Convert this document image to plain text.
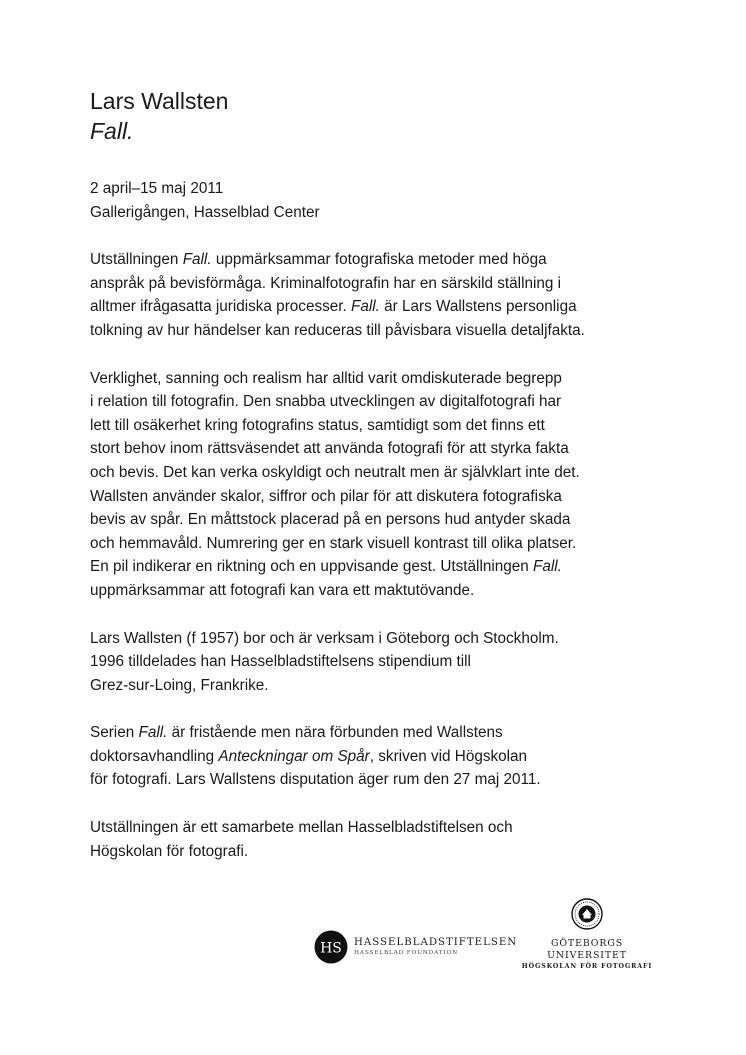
Lars Wallsten
Fall.
2 april–15 maj 2011
Gallerigången, Hasselblad Center
Utställningen Fall. uppmärksammar fotografiska metoder med höga
anspråk på bevisförmåga. Kriminalfotografin har en särskild ställning i
alltmer ifrågasatta juridiska processer. Fall. är Lars Wallstens personliga
tolkning av hur händelser kan reduceras till påvisbara visuella detaljfakta.
Verklighet, sanning och realism har alltid varit omdiskuterade begrepp
i relation till fotografin. Den snabba utvecklingen av digitalfotografi har
lett till osäkerhet kring fotografins status, samtidigt som det finns ett
stort behov inom rättsväsendet att använda fotografi för att styrka fakta
och bevis. Det kan verka oskyldigt och neutralt men är självklart inte det.
Wallsten använder skalor, siffror och pilar för att diskutera fotografiska
bevis av spår. En måttstock placerad på en persons hud antyder skada
och hemmavåld. Numrering ger en stark visuell kontrast till olika platser.
En pil indikerar en riktning och en uppvisande gest. Utställningen Fall.
uppmärksammar att fotografi kan vara ett maktutövande.
Lars Wallsten (f 1957) bor och är verksam i Göteborg och Stockholm.
1996 tilldelades han Hasselbladstiftelsens stipendium till
Grez-sur-Loing, Frankrike.
Serien Fall. är fristående men nära förbunden med Wallstens
doktorsavhandling Anteckningar om Spår, skriven vid Högskolan
för fotografi. Lars Wallstens disputation äger rum den 27 maj 2011.
Utställningen är ett samarbete mellan Hasselbladstiftelsen och
Högskolan för fotografi.
HS HASSELBLADSTIFTELSEN
HASSELBLAD FOUNDATION
GÖTEBORGS UNIVERSITET
HÖGSKOLAN FÖR FOTOGRAFI
